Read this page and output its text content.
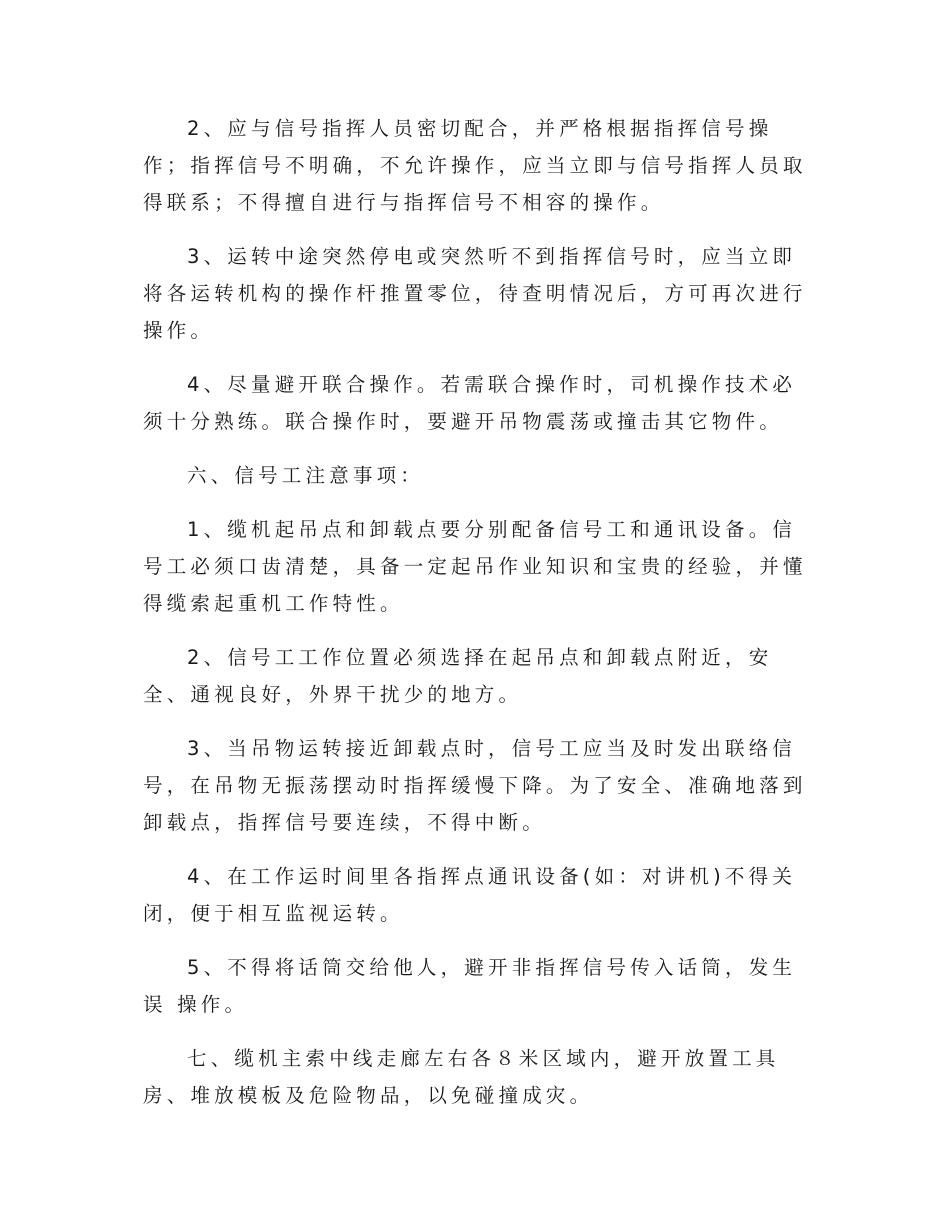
2、应与信号指挥人员密切配合，并严格根据指挥信号操作；指挥信号不明确，不允许操作，应当立即与信号指挥人员取得联系；不得擅自进行与指挥信号不相容的操作。

3、运转中途突然停电或突然听不到指挥信号时，应当立即将各运转机构的操作杆推置零位，待查明情况后，方可再次进行操作。

4、尽量避开联合操作。若需联合操作时，司机操作技术必须十分熟练。联合操作时，要避开吊物震荡或撞击其它物件。

六、信号工注意事项：

1、缆机起吊点和卸载点要分别配备信号工和通讯设备。信号工必须口齿清楚，具备一定起吊作业知识和宝贵的经验，并懂得缆索起重机工作特性。

2、信号工工作位置必须选择在起吊点和卸载点附近，安全、通视良好，外界干扰少的地方。

3、当吊物运转接近卸载点时，信号工应当及时发出联络信号，在吊物无振荡摆动时指挥缓慢下降。为了安全、准确地落到卸载点，指挥信号要连续，不得中断。

4、在工作运时间里各指挥点通讯设备(如：对讲机)不得关闭，便于相互监视运转。

5、不得将话筒交给他人，避开非指挥信号传入话筒，发生误 操作。

七、缆机主索中线走廊左右各８米区域内，避开放置工具房、堆放模板及危险物品，以免碰撞成灾。
